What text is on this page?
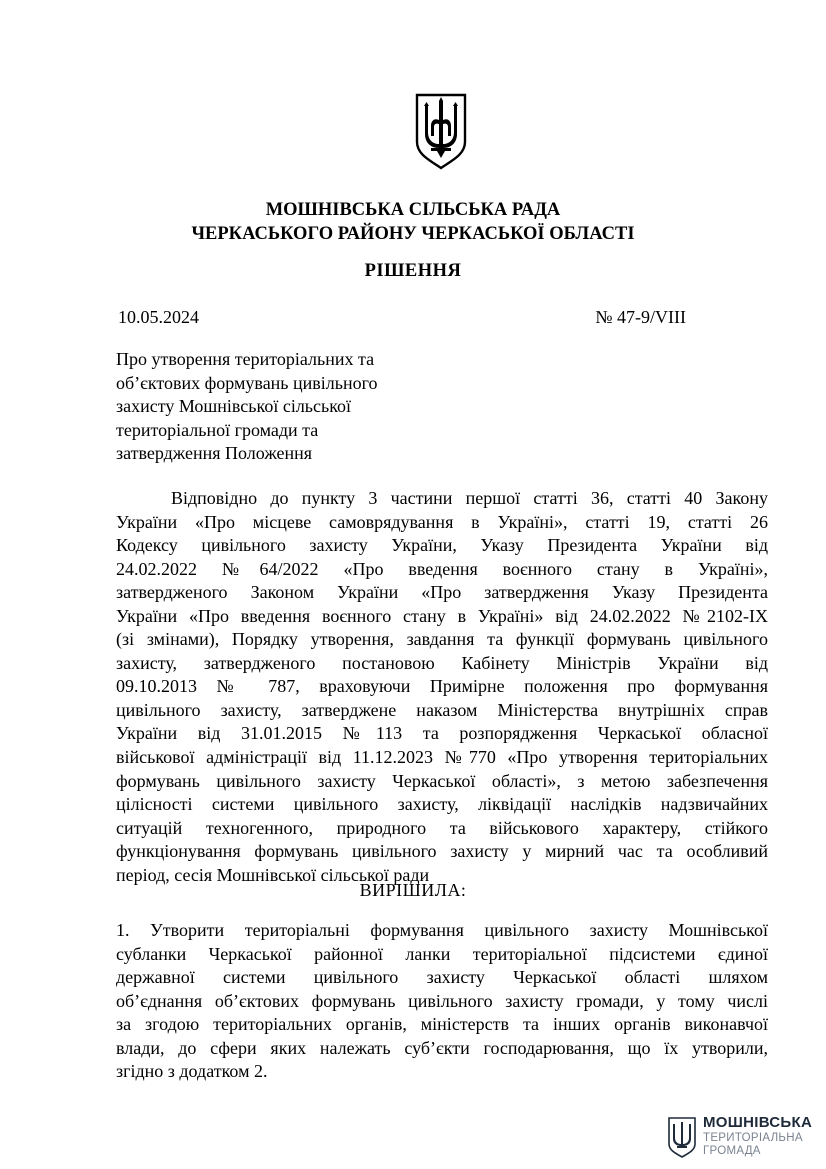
МОШНІВСЬКА СІЛЬСЬКА РАДА
ЧЕРКАСЬКОГО РАЙОНУ ЧЕРКАСЬКОЇ ОБЛАСТІ
РІШЕННЯ
10.05.2024	№ 47-9/VIII
Про утворення територіальних та
об’єктових формувань цивільного
захисту Мошнівської сільської
територіальної громади та
затвердження Положення
Відповідно до пункту 3 частини першої статті 36, статті 40 Закону
України «Про місцеве самоврядування в Україні», статті 19, статті 26
Кодексу цивільного захисту України, Указу Президента України від
24.02.2022 №64/2022 «Про введення воєнного стану в Україні»,
затвердженого Законом України «Про затвердження Указу Президента
України «Про введення воєнного стану в Україні» від 24.02.2022 №2102-IX
(зі змінами), Порядку утворення, завдання та функції формувань цивільного
захисту, затвердженого постановою Кабінету Міністрів України від
09.10.2013 № 787, враховуючи Примірне положення про формування
цивільного захисту, затверджене наказом Міністерства внутрішніх справ
України від 31.01.2015 №113 та розпорядження Черкаської обласної
військової адміністрації від 11.12.2023 №770 «Про утворення територіальних
формувань цивільного захисту Черкаської області», з метою забезпечення
цілісності системи цивільного захисту, ліквідації наслідків надзвичайних
ситуацій техногенного, природного та військового характеру, стійкого
функціонування формувань цивільного захисту у мирний час та особливий
період, сесія Мошнівської сільської ради
ВИРІШИЛА:
1. Утворити територіальні формування цивільного захисту Мошнівської
субланки Черкаської районної ланки територіальної підсистеми єдиної
державної системи цивільного захисту Черкаської області шляхом
об’єднання об’єктових формувань цивільного захисту громади, у тому числі
за згодою територіальних органів, міністерств та інших органів виконавчої
влади, до сфери яких належать суб’єкти господарювання, що їх утворили,
згідно з додатком 2.
МОШНІВСЬКА
ТЕРИТОРІАЛЬНА
ГРОМАДА
